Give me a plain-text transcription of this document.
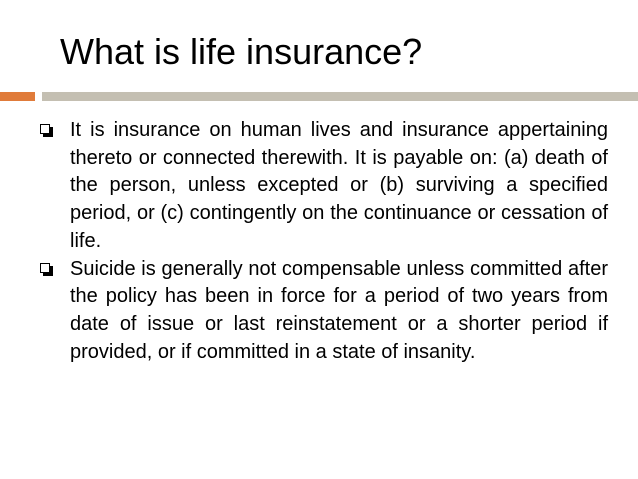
What is life insurance?

It is insurance on human lives and insurance appertaining thereto or connected therewith. It is payable on: (a) death of the person, unless excepted or (b) surviving a specified period, or (c) contingently on the continuance or cessation of life.

Suicide is generally not compensable unless committed after the policy has been in force for a period of two years from date of issue or last reinstatement or a shorter period if provided, or if committed in a state of insanity.
